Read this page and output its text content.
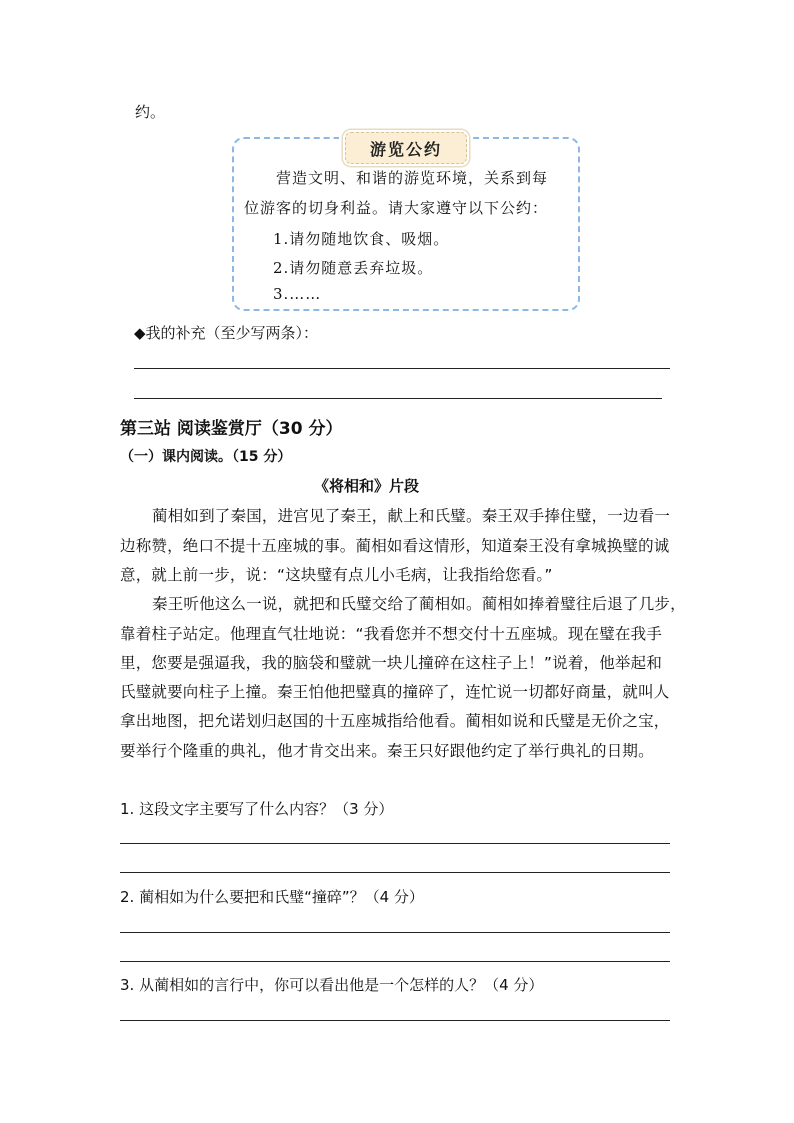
约。
游览公约
营造文明、和谐的游览环境，关系到每
位游客的切身利益。请大家遵守以下公约：
1.请勿随地饮食、吸烟。
2.请勿随意丢弃垃圾。
3.……
◆我的补充（至少写两条）：
第三站 阅读鉴赏厅（30 分）
（一）课内阅读。（15 分）
《将相和》片段
蔺相如到了秦国，进宫见了秦王，献上和氏璧。秦王双手捧住璧，一边看一
边称赞，绝口不提十五座城的事。蔺相如看这情形，知道秦王没有拿城换璧的诚
意，就上前一步，说：“这块璧有点儿小毛病，让我指给您看。”
秦王听他这么一说，就把和氏璧交给了蔺相如。蔺相如捧着璧往后退了几步，
靠着柱子站定。他理直气壮地说：“我看您并不想交付十五座城。现在璧在我手
里，您要是强逼我，我的脑袋和璧就一块儿撞碎在这柱子上！”说着，他举起和
氏璧就要向柱子上撞。秦王怕他把璧真的撞碎了，连忙说一切都好商量，就叫人
拿出地图，把允诺划归赵国的十五座城指给他看。蔺相如说和氏璧是无价之宝，
要举行个隆重的典礼，他才肯交出来。秦王只好跟他约定了举行典礼的日期。
1. 这段文字主要写了什么内容？（3 分）
2. 蔺相如为什么要把和氏璧“撞碎”？（4 分）
3. 从蔺相如的言行中，你可以看出他是一个怎样的人？（4 分）
